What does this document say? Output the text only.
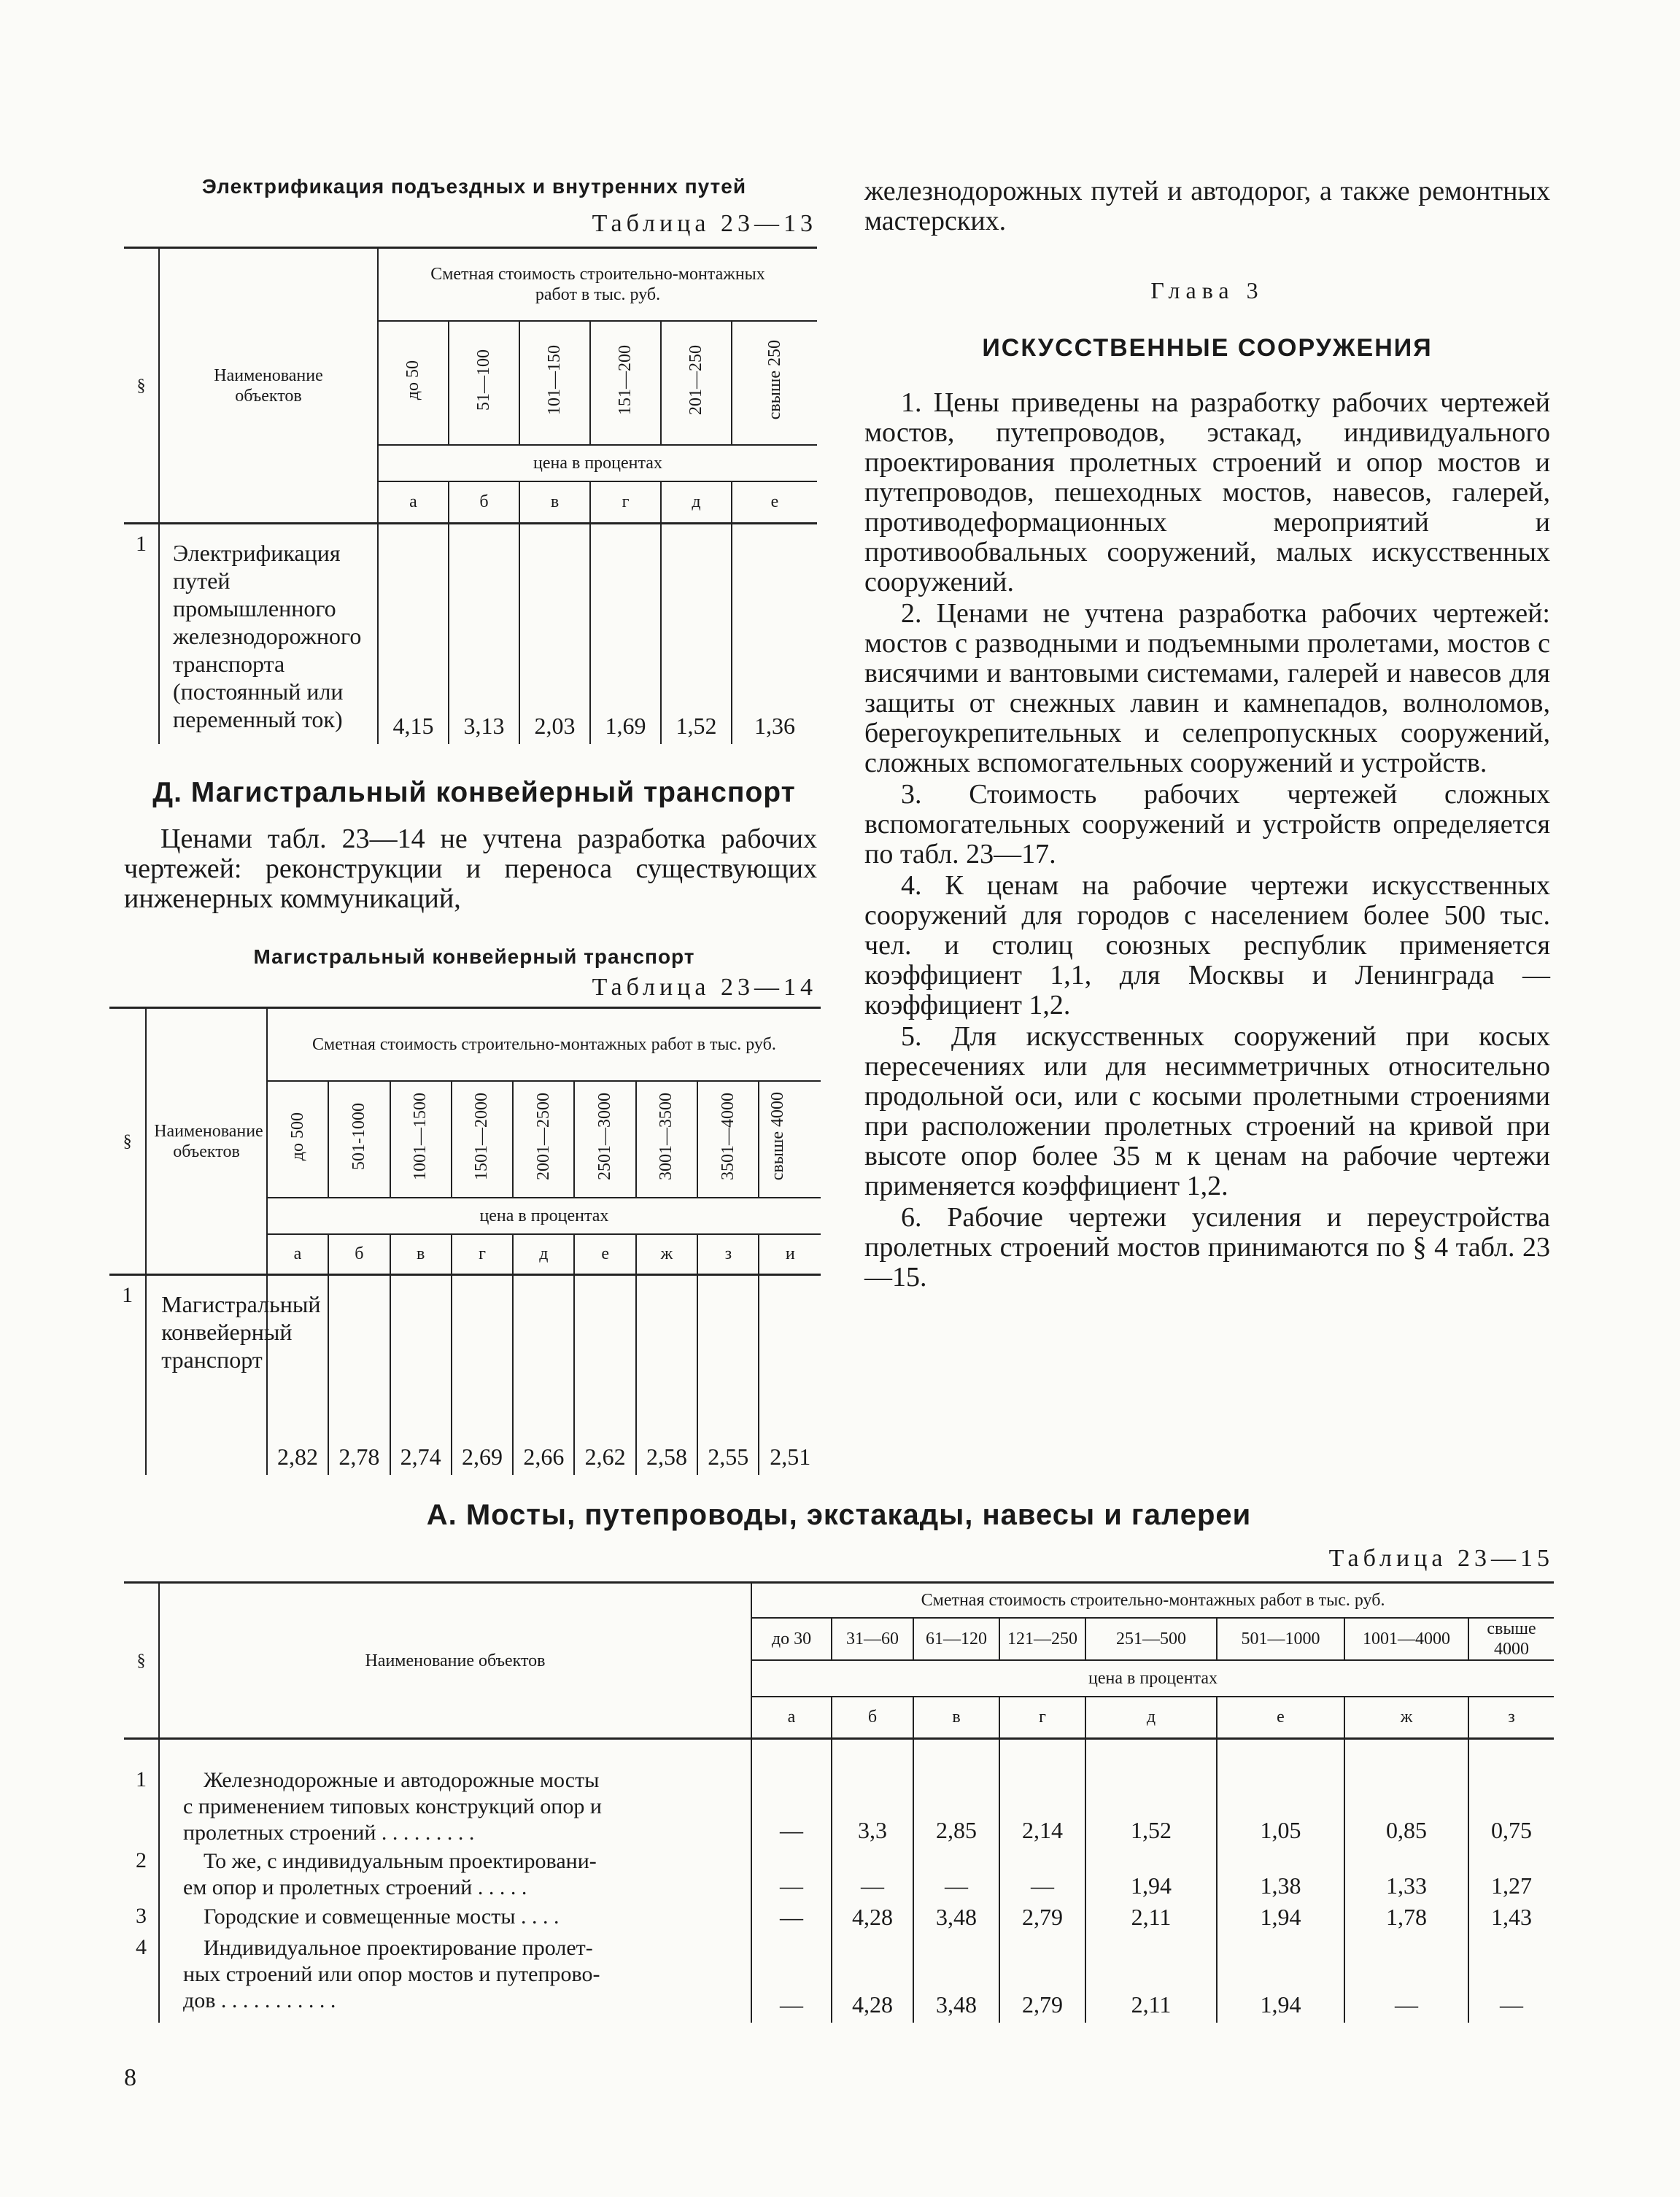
Электрификация подъездных и внутренних путей
Таблица 23—13
§	Наименование объектов	Сметная стоимость строительно-монтажных работ в тыс. руб.					
		до 50	51—100	101—150	151—200	201—250	свыше 250
		цена в процентах					
		а	б	в	г	д	е
1	Электрификация путей промышленного железнодорожного транспорта (постоянный или переменный ток)	4,15	3,13	2,03	1,69	1,52	1,36
Д. Магистральный конвейерный транспорт

Ценами табл. 23—14 не учтена разработка рабочих чертежей: реконструкции и переноса существующих инженерных коммуникаций,

Магистральный конвейерный транспорт
Таблица 23—14
§	Наименование объектов	Сметная стоимость строительно-монтажных работ в тыс. руб.								
		до 500	501-1000	1001—1500	1501—2000	2001—2500	2501—3000	3001—3500	3501—4000	свыше 4000
		цена в процентах								
		а	б	в	г	д	е	ж	з	и
1	Магистральный конвейерный транспорт	2,82	2,78	2,74	2,69	2,66	2,62	2,58	2,55	2,51

железнодорожных путей и автодорог, а также ремонтных мастерских.

Глава 3
ИСКУССТВЕННЫЕ СООРУЖЕНИЯ

1. Цены приведены на разработку рабочих чертежей мостов, путепроводов, эстакад, индивидуального проектирования пролетных строений и опор мостов и путепроводов, пешеходных мостов, навесов, галерей, противодеформационных мероприятий и противообвальных сооружений, малых искусственных сооружений.

2. Ценами не учтена разработка рабочих чертежей: мостов с разводными и подъемными пролетами, мостов с висячими и вантовыми системами, галерей и навесов для защиты от снежных лавин и камнепадов, волноломов, берегоукрепительных и селепропускных сооружений, сложных вспомогательных сооружений и устройств.

3. Стоимость рабочих чертежей сложных вспомогательных сооружений и устройств определяется по табл. 23—17.

4. К ценам на рабочие чертежи искусственных сооружений для городов с населением более 500 тыс. чел. и столиц союзных республик применяется коэффициент 1,1, для Москвы и Ленинграда — коэффициент 1,2.

5. Для искусственных сооружений при косых пересечениях или для несимметричных относительно продольной оси, или с косыми пролетными строениями при расположении пролетных строений на кривой при высоте опор более 35 м к ценам на рабочие чертежи применяется коэффициент 1,2.

6. Рабочие чертежи усиления и переустройства пролетных строений мостов принимаются по § 4 табл. 23—15.

А. Мосты, путепроводы, экстакады, навесы и галереи
Таблица 23—15
§	Наименование объектов	Сметная стоимость строительно-монтажных работ в тыс. руб.							
		до 30	31—60	61—120	121—250	251—500	501—1000	1001—4000	свыше 4000
		цена в процентах							
		а	б	в	г	д	е	ж	з
1	Железнодорожные и автодорожные мосты
с применением типовых конструкций опор и
пролетных строений . . . . . . . . .	—	3,3	2,85	2,14	1,52	1,05	0,85	0,75
2	То же, с индивидуальным проектировани-
ем опор и пролетных строений . . . . .	—	—	—	—	1,94	1,38	1,33	1,27
3	Городские и совмещенные мосты . . . .	—	4,28	3,48	2,79	2,11	1,94	1,78	1,43
4	Индивидуальное проектирование пролет-
ных строений или опор мостов и путепрово-
дов . . . . . . . . . . .	—	4,28	3,48	2,79	2,11	1,94	—	—
8
